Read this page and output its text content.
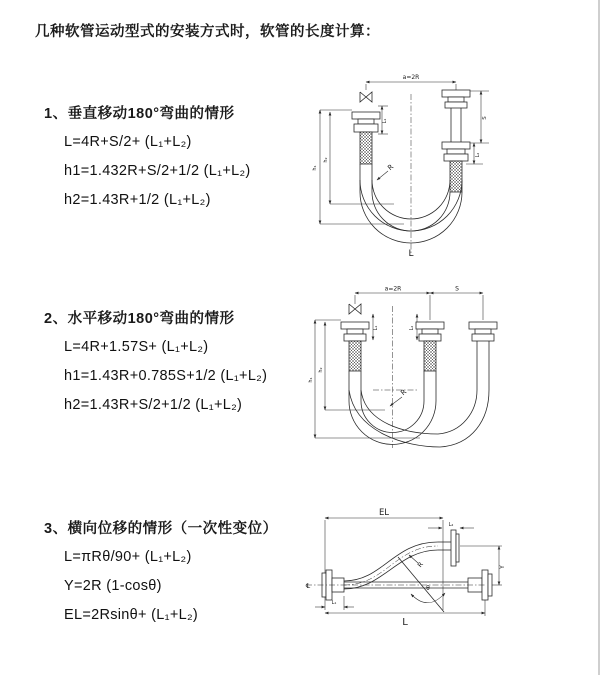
几种软管运动型式的安装方式时，软管的长度计算：
1、垂直移动180°弯曲的情形
L=4R+S/2+ (L₁+L₂)
h1=1.432R+S/2+1/2 (L₁+L₂)
h2=1.43R+1/2 (L₁+L₂)
2、水平移动180°弯曲的情形
L=4R+1.57S+ (L₁+L₂)
h1=1.43R+0.785S+1/2 (L₁+L₂)
h2=1.43R+S/2+1/2 (L₁+L₂)
3、横向位移的情形（一次性变位）
L=πRθ/90+ (L₁+L₂)
Y=2R (1-cosθ)
EL=2Rsinθ+ (L₁+L₂)
a=2R
S
L₂
L₁
h₁
h₂
R
L
a=2R	S
L₁	L₂
h₁
h₂
R
EL
L₂
Y
R
θ
L
L₁
℄
